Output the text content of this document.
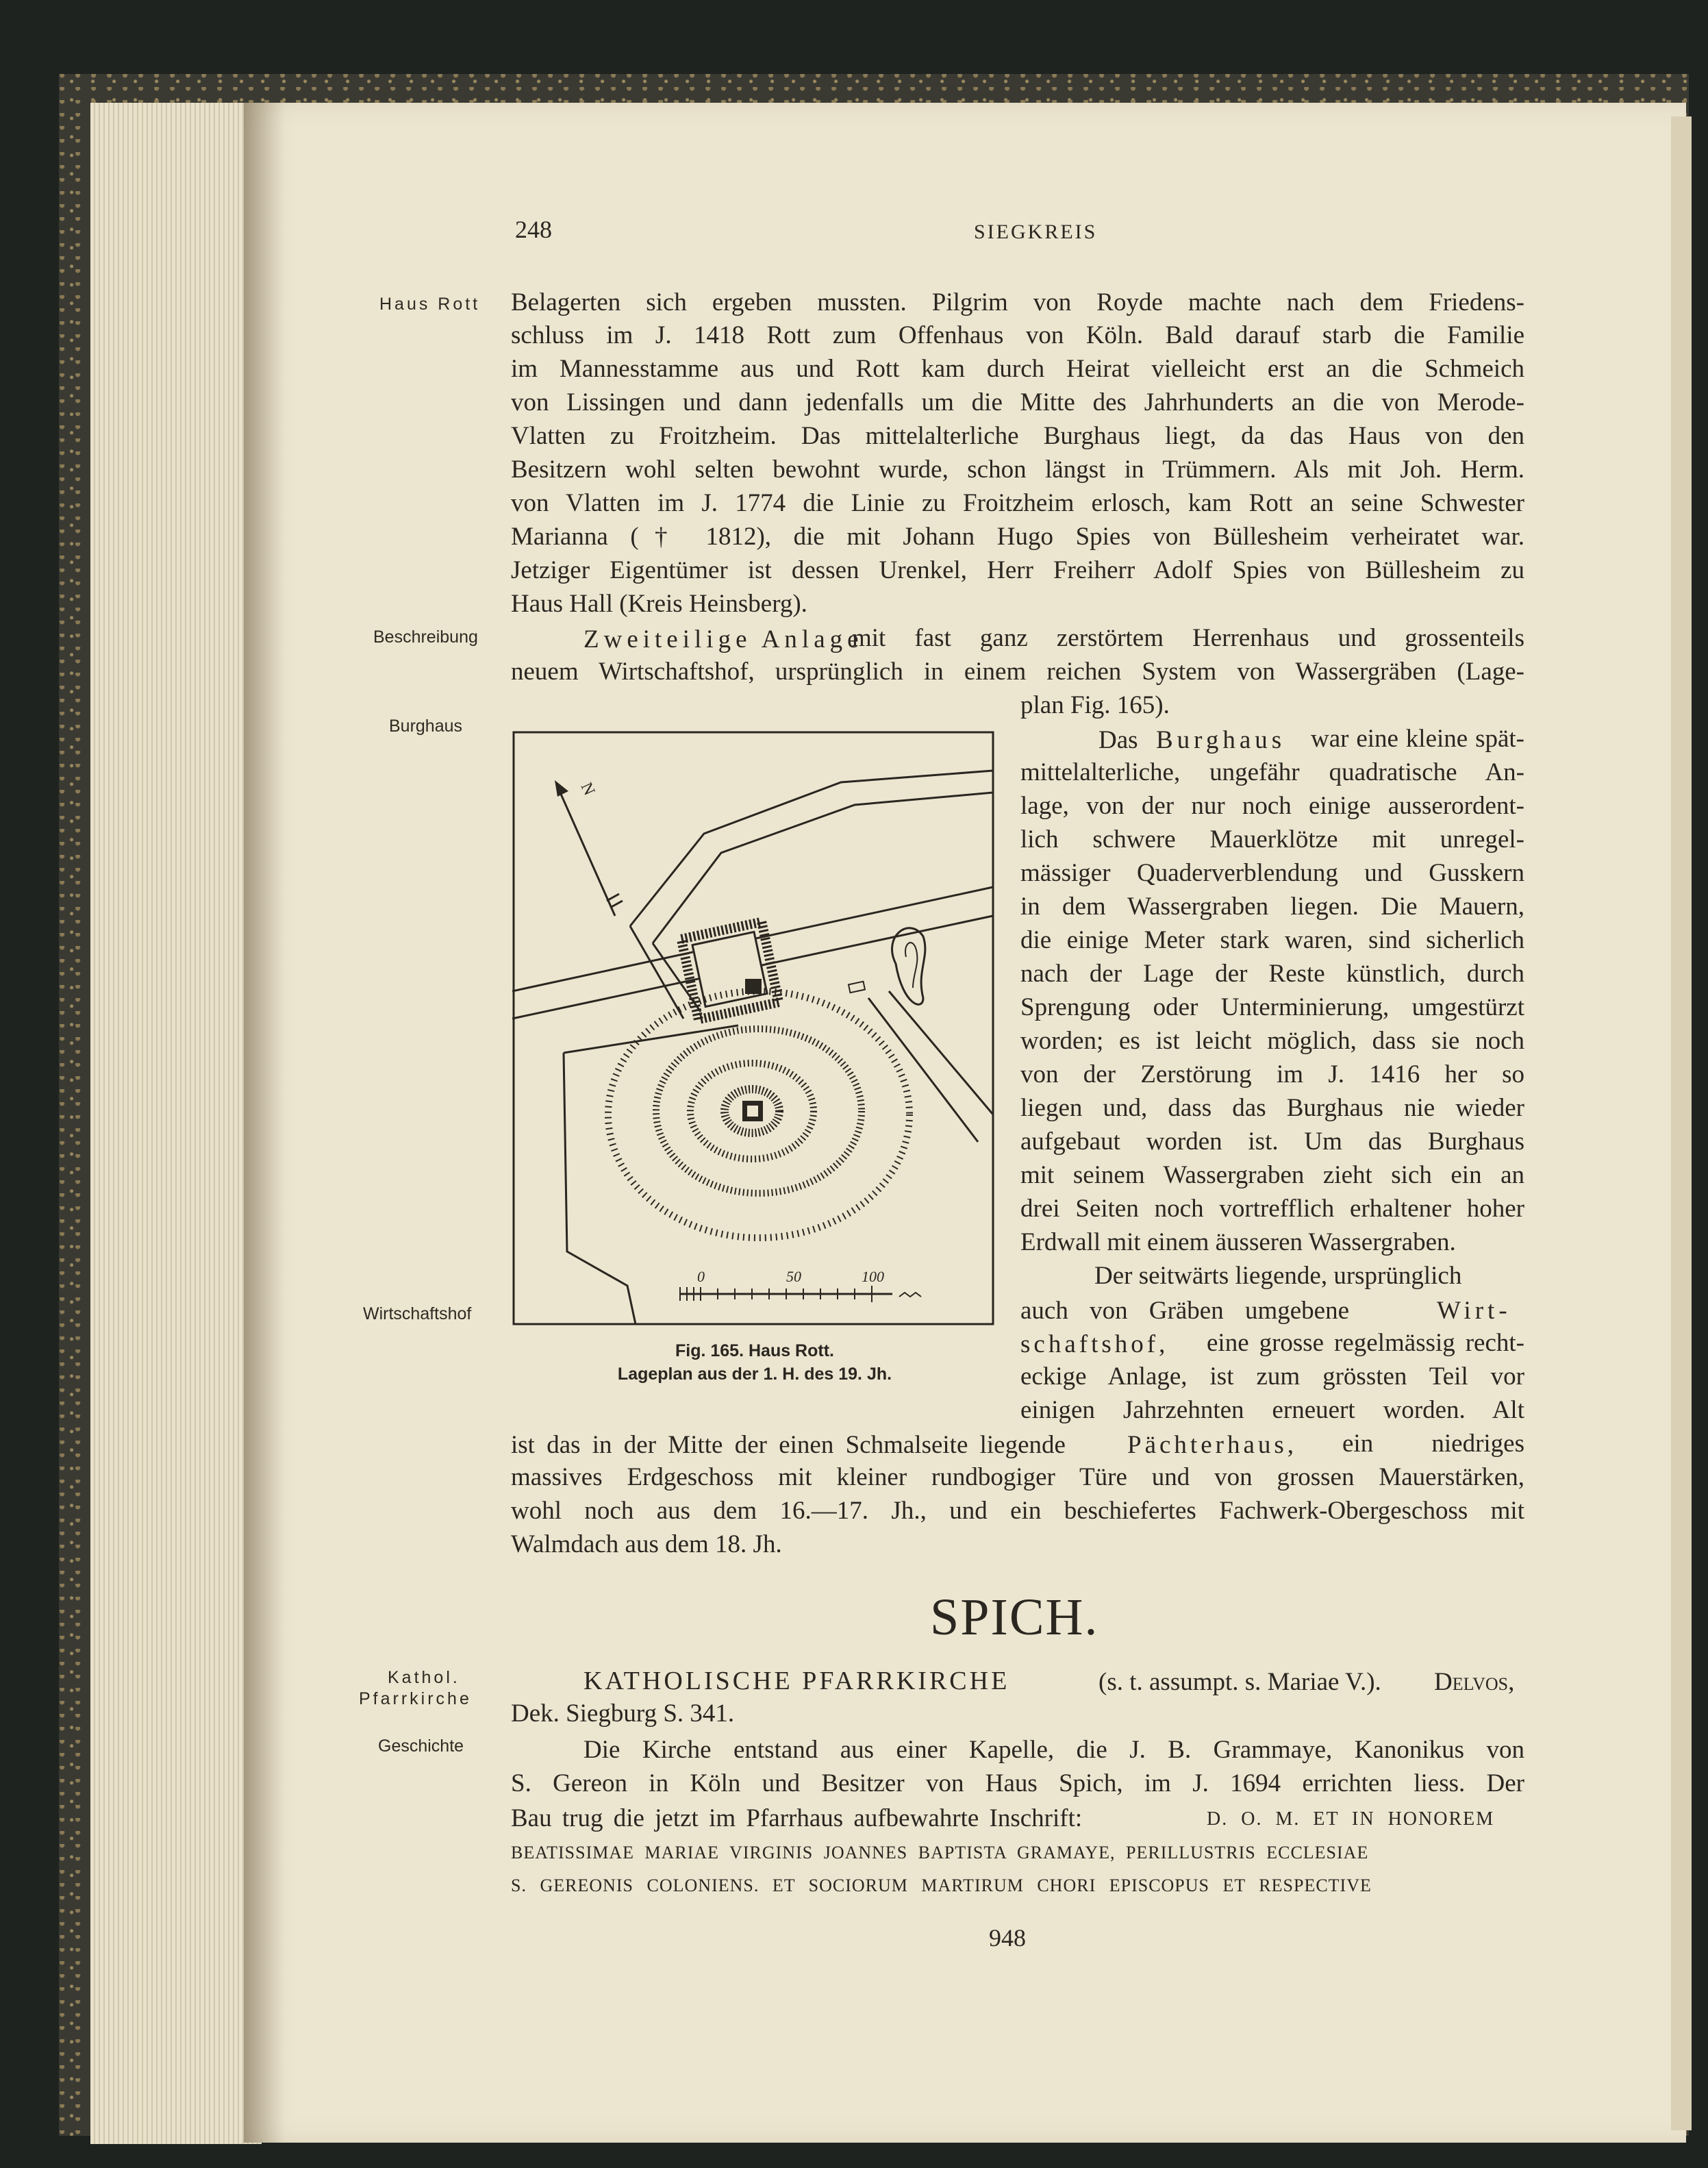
248	SIEGKREIS
Haus Rott
Beschreibung
Burghaus
Wirtschaftshof
Kathol.
Pfarrkirche
Geschichte
Belagerten sich ergeben mussten. Pilgrim von Royde machte nach dem Friedens-
schluss im J. 1418 Rott zum Offenhaus von Köln. Bald darauf starb die Familie
im Mannesstamme aus und Rott kam durch Heirat vielleicht erst an die Schmeich
von Lissingen und dann jedenfalls um die Mitte des Jahrhunderts an die von Merode-
Vlatten zu Froitzheim. Das mittelalterliche Burghaus liegt, da das Haus von den
Besitzern wohl selten bewohnt wurde, schon längst in Trümmern. Als mit Joh. Herm.
von Vlatten im J. 1774 die Linie zu Froitzheim erlosch, kam Rott an seine Schwester
Marianna († 1812), die mit Johann Hugo Spies von Büllesheim verheiratet war.
Jetziger Eigentümer ist dessen Urenkel, Herr Freiherr Adolf Spies von Büllesheim zu
Haus Hall (Kreis Heinsberg).
Zweiteilige Anlage
mit fast ganz zerstörtem Herrenhaus und grossenteils
neuem Wirtschaftshof, ursprünglich in einem reichen System von Wassergräben (Lage-
plan Fig. 165).
Das Burghaus war eine kleine spät-
mittelalterliche, ungefähr quadratische An-
lage, von der nur noch einige ausserordent-
lich schwere Mauerklötze mit unregel-
mässiger Quaderverblendung und Gusskern
in dem Wassergraben liegen. Die Mauern,
die einige Meter stark waren, sind sicherlich
nach der Lage der Reste künstlich, durch
Sprengung oder Unterminierung, umgestürzt
worden; es ist leicht möglich, dass sie noch
von der Zerstörung im J. 1416 her so
liegen und, dass das Burghaus nie wieder
aufgebaut worden ist. Um das Burghaus
mit seinem Wassergraben zieht sich ein an
drei Seiten noch vortrefflich erhaltener hoher
Erdwall mit einem äusseren Wassergraben.
Der seitwärts liegende, ursprünglich
auch von Gräben umgebene	Wirt-
schaftshof, eine grosse regelmässig recht-
eckige Anlage, ist zum grössten Teil vor
einigen Jahrzehnten erneuert worden. Alt
ist das in der Mitte der einen Schmalseite liegende Pächterhaus, ein niedriges
massives Erdgeschoss mit kleiner rundbogiger Türe und von grossen Mauerstärken,
wohl noch aus dem 16.—17. Jh., und ein beschiefertes Fachwerk-Obergeschoss mit
Walmdach aus dem 18. Jh.
N
0	50	100
Fig. 165. Haus Rott.
Lageplan aus der 1. H. des 19. Jh.
SPICH.
KATHOLISCHE PFARRKIRCHE	(s. t. assumpt. s. Mariae V.). Delvos,
Dek. Siegburg S. 341.
Die Kirche entstand aus einer Kapelle, die J. B. Grammaye, Kanonikus von
S. Gereon in Köln und Besitzer von Haus Spich, im J. 1694 errichten liess. Der
Bau trug die jetzt im Pfarrhaus aufbewahrte Inschrift:	D. O. M. ET IN HONOREM
BEATISSIMAE MARIAE VIRGINIS JOANNES BAPTISTA GRAMAYE, PERILLUSTRIS ECCLESIAE
S. GEREONIS COLONIENS. ET SOCIORUM MARTIRUM CHORI EPISCOPUS ET RESPECTIVE
948
